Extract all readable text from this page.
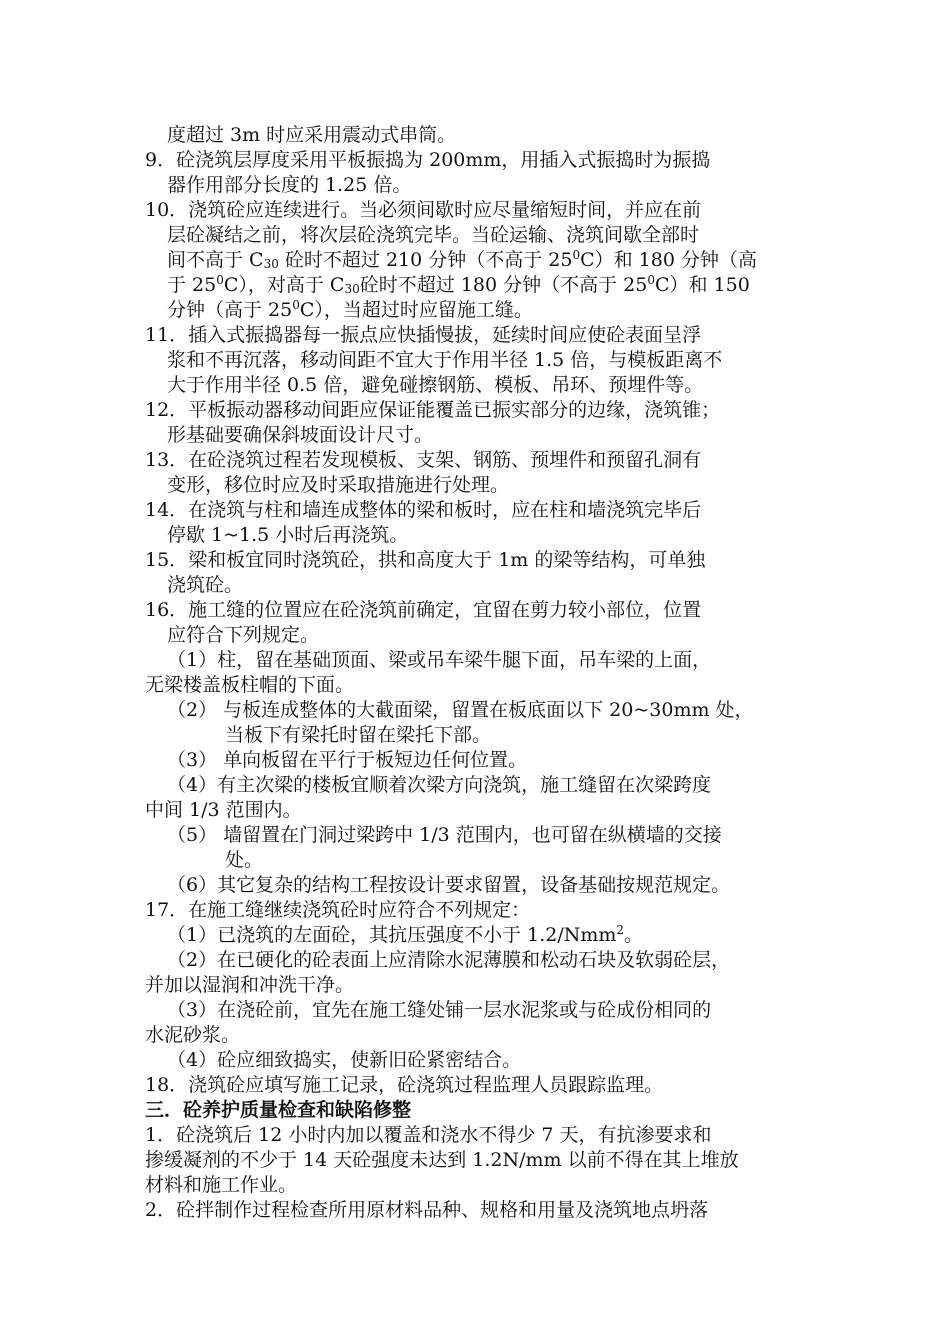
度超过 3m 时应采用震动式串筒。
9．砼浇筑层厚度采用平板振捣为 200mm，用插入式振捣时为振捣
器作用部分长度的 1.25 倍。
10．浇筑砼应连续进行。当必须间歇时应尽量缩短时间，并应在前
层砼凝结之前，将次层砼浇筑完毕。当砼运输、浇筑间歇全部时
间不高于 $C_{30}$ 砼时不超过 210 分钟（不高于 $25^0C$）和 180 分钟（高
于 $25^0C$），对高于 $C_{30}$砼时不超过 180 分钟（不高于 $25^0C$）和 150
分钟（高于 $25^0C$），当超过时应留施工缝。
11．插入式振捣器每一振点应快插慢拔，延续时间应使砼表面呈浮
浆和不再沉落，移动间距不宜大于作用半径 1.5 倍，与模板距离不
大于作用半径 0.5 倍，避免碰擦钢筋、模板、吊环、预埋件等。
12．平板振动器移动间距应保证能覆盖已振实部分的边缘，浇筑锥；
形基础要确保斜坡面设计尺寸。
13．在砼浇筑过程若发现模板、支架、钢筋、预埋件和预留孔洞有
变形，移位时应及时采取措施进行处理。
14．在浇筑与柱和墙连成整体的梁和板时，应在柱和墙浇筑完毕后
停歇 1~1.5 小时后再浇筑。
15．梁和板宜同时浇筑砼，拱和高度大于 1m 的梁等结构，可单独
浇筑砼。
16．施工缝的位置应在砼浇筑前确定，宜留在剪力较小部位，位置
应符合下列规定。
（1）柱，留在基础顶面、梁或吊车梁牛腿下面，吊车梁的上面，
无梁楼盖板柱帽的下面。
（2） 与板连成整体的大截面梁，留置在板底面以下 20~30mm 处，
当板下有梁托时留在梁托下部。
（3） 单向板留在平行于板短边任何位置。
（4）有主次梁的楼板宜顺着次梁方向浇筑，施工缝留在次梁跨度
中间 1/3 范围内。
（5） 墙留置在门洞过梁跨中 1/3 范围内，也可留在纵横墙的交接
处。
（6）其它复杂的结构工程按设计要求留置，设备基础按规范规定。
17．在施工缝继续浇筑砼时应符合不列规定：
（1）已浇筑的左面砼，其抗压强度不小于 1.2/Nmm$^2$。
（2）在已硬化的砼表面上应清除水泥薄膜和松动石块及软弱砼层，
并加以湿润和冲洗干净。
（3）在浇砼前，宜先在施工缝处铺一层水泥浆或与砼成份相同的
水泥砂浆。
（4）砼应细致捣实，使新旧砼紧密结合。
18．浇筑砼应填写施工记录，砼浇筑过程监理人员跟踪监理。
三．砼养护质量检查和缺陷修整
1．砼浇筑后 12 小时内加以覆盖和浇水不得少 7 天，有抗渗要求和
掺缓凝剂的不少于 14 天砼强度未达到 1.2N/mm 以前不得在其上堆放
材料和施工作业。
2．砼拌制作过程检查所用原材料品种、规格和用量及浇筑地点坍落
